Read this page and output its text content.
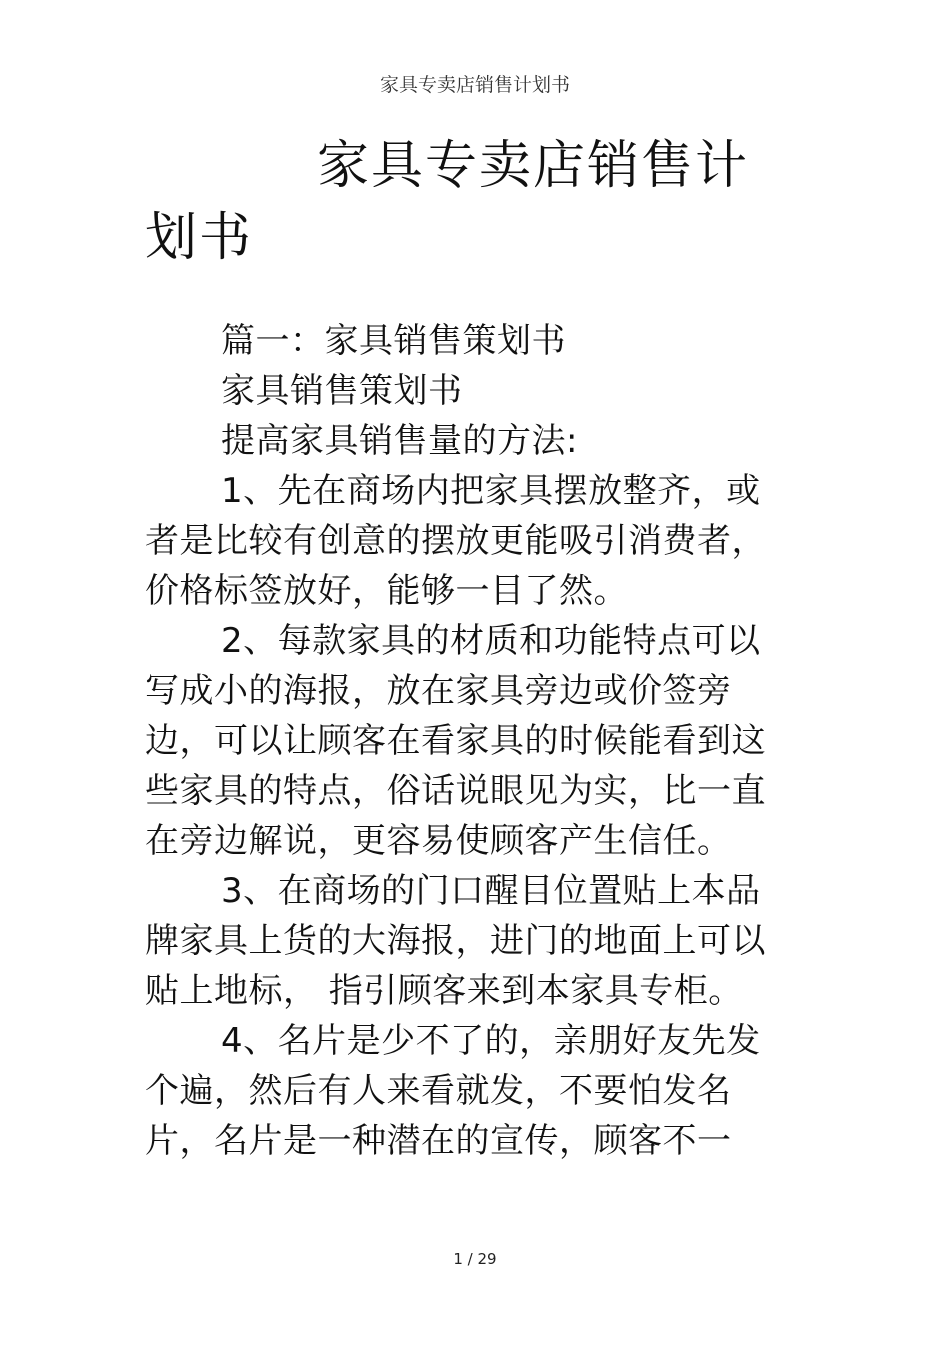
家具专卖店销售计划书
家具专卖店销售计划书

篇一：家具销售策划书

家具销售策划书

提高家具销售量的方法:

1、先在商场内把家具摆放整齐，或者是比较有创意的摆放更能吸引消费者，价格标签放好，能够一目了然。

2、每款家具的材质和功能特点可以写成小的海报，放在家具旁边或价签旁边，可以让顾客在看家具的时候能看到这些家具的特点，俗话说眼见为实，比一直在旁边解说，更容易使顾客产生信任。

3、在商场的门口醒目位置贴上本品牌家具上货的大海报，进门的地面上可以贴上地标， 指引顾客来到本家具专柜。

4、名片是少不了的，亲朋好友先发个遍，然后有人来看就发，不要怕发名片，名片是一种潜在的宣传，顾客不一

1 / 29
